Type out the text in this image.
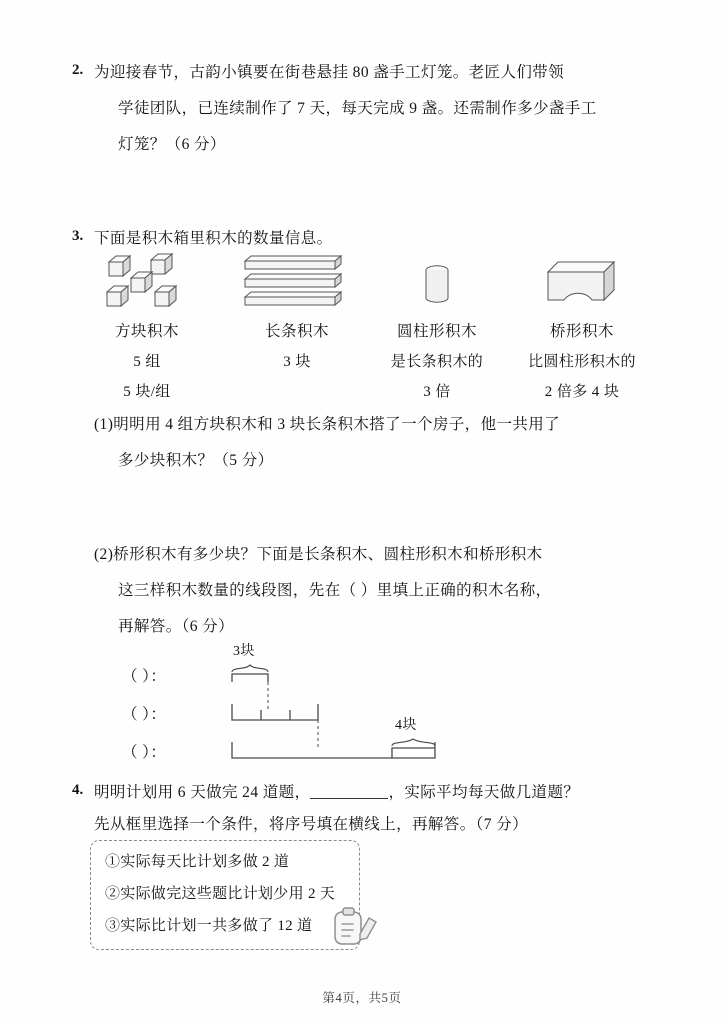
2. 为迎接春节，古韵小镇要在街巷悬挂 80 盏手工灯笼。老匠人们带领
学徒团队，已连续制作了 7 天，每天完成 9 盏。还需制作多少盏手工
灯笼？（6 分）
3. 下面是积木箱里积木的数量信息。
方块积木
5 组
5 块/组
长条积木
3 块
圆柱形积木
是长条积木的
3 倍
桥形积木
比圆柱形积木的
2 倍多 4 块
(1)明明用 4 组方块积木和 3 块长条积木搭了一个房子，他一共用了
多少块积木？（5 分）
(2)桥形积木有多少块？下面是长条积木、圆柱形积木和桥形积木
这三样积木数量的线段图，先在（ ）里填上正确的积木名称，
再解答。（6 分）
（ ）：
（ ）：
（ ）：
3块
4块
4. 明明计划用 6 天做完 24 道题，	，实际平均每天做几道题？
先从框里选择一个条件，将序号填在横线上，再解答。（7 分）
①实际每天比计划多做 2 道
②实际做完这些题比计划少用 2 天
③实际比计划一共多做了 12 道
第4页，共5页
